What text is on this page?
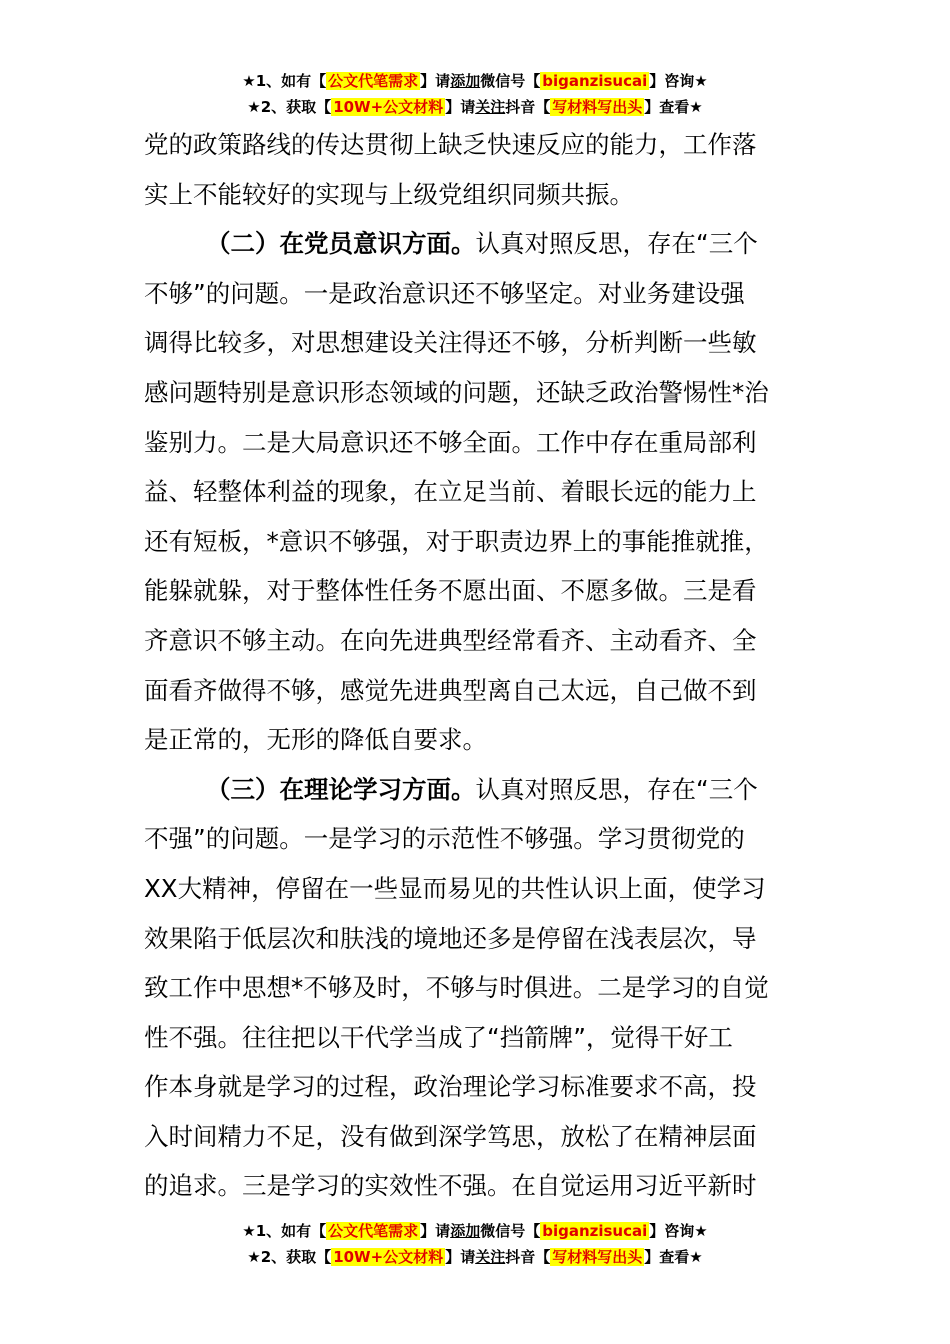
★1、如有【 公文代笔需求 】请添加微信号【 biganzisucai 】咨询★
★2、获取【 10W+公文材料 】请关注抖音【 写材料写出头 】查看★

党的政策路线的传达贯彻上缺乏快速反应的能力，工作落
实上不能较好的实现与上级党组织同频共振。

（二）在党员意识方面。认真对照反思，存在“三个
不够”的问题。一是政治意识还不够坚定。对业务建设强
调得比较多，对思想建设关注得还不够，分析判断一些敏
感问题特别是意识形态领域的问题，还缺乏政治警惕性*治
鉴别力。二是大局意识还不够全面。工作中存在重局部利
益、轻整体利益的现象，在立足当前、着眼长远的能力上
还有短板，*意识不够强，对于职责边界上的事能推就推，
能躲就躲，对于整体性任务不愿出面、不愿多做。三是看
齐意识不够主动。在向先进典型经常看齐、主动看齐、全
面看齐做得不够，感觉先进典型离自己太远，自己做不到
是正常的，无形的降低自要求。

（三）在理论学习方面。认真对照反思，存在“三个
不强”的问题。一是学习的示范性不够强。学习贯彻党的
XX大精神，停留在一些显而易见的共性认识上面，使学习
效果陷于低层次和肤浅的境地还多是停留在浅表层次，导
致工作中思想*不够及时，不够与时俱进。二是学习的自觉
性不强。往往把以干代学当成了“挡箭牌”，觉得干好工
作本身就是学习的过程，政治理论学习标准要求不高，投
入时间精力不足，没有做到深学笃思，放松了在精神层面
的追求。三是学习的实效性不强。在自觉运用习近平新时

★1、如有【 公文代笔需求 】请添加微信号【 biganzisucai 】咨询★
★2、获取【 10W+公文材料 】请关注抖音【 写材料写出头 】查看★
